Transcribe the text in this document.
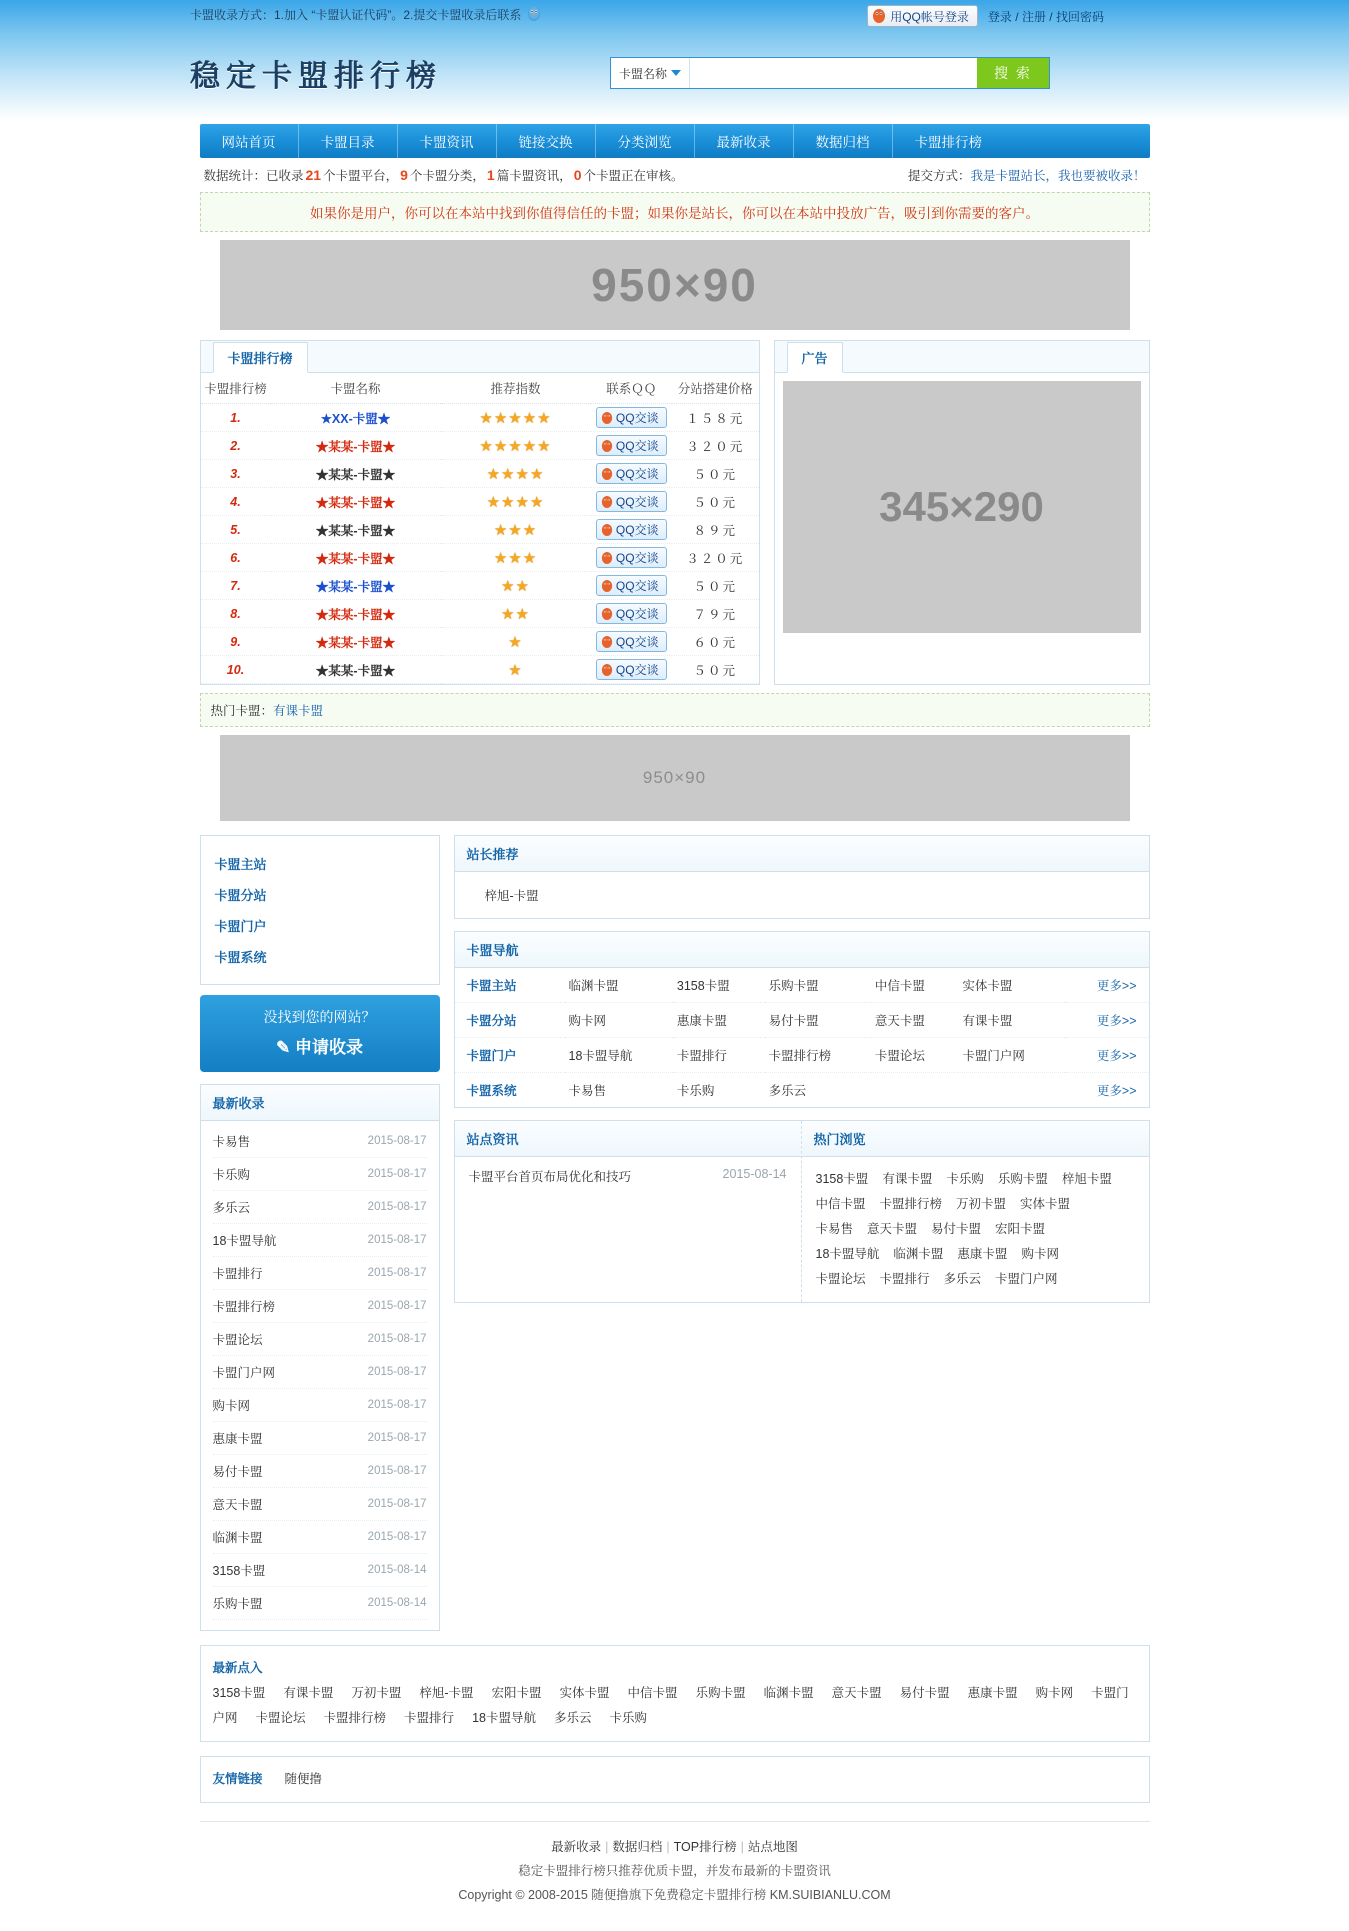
卡盟收录方式：1.加入 “卡盟认证代码”。2.提交卡盟收录后联系	用QQ帐号登录 登录 / 注册 / 找回密码
稳定卡盟排行榜	卡盟名称	搜 索
网站首页	卡盟目录	卡盟资讯	链接交换	分类浏览	最新收录	数据归档	卡盟排行榜
数据统计：已收录 21 个卡盟平台， 9 个卡盟分类， 1 篇卡盟资讯， 0 个卡盟正在审核。	提交方式：我是卡盟站长，我也要被收录！
如果你是用户，你可以在本站中找到你值得信任的卡盟；如果你是站长，你可以在本站中投放广告，吸引到你需要的客户。
950×90
卡盟排行榜
卡盟排行榜	卡盟名称	推荐指数	联系ＱＱ	分站搭建价格
1.	★XX-卡盟★	★★★★★	QQ交谈	１５８元
2.	★某某-卡盟★	★★★★★	QQ交谈	３２０元
3.	★某某-卡盟★	★★★★	QQ交谈	５０元
4.	★某某-卡盟★	★★★★	QQ交谈	５０元
5.	★某某-卡盟★	★★★	QQ交谈	８９元
6.	★某某-卡盟★	★★★	QQ交谈	３２０元
7.	★某某-卡盟★	★★	QQ交谈	５０元
8.	★某某-卡盟★	★★	QQ交谈	７９元
9.	★某某-卡盟★	★	QQ交谈	６０元
10.	★某某-卡盟★	★	QQ交谈	５０元
广告
345×290
热门卡盟：有课卡盟
950×90
卡盟主站
卡盟分站
卡盟门户
卡盟系统
没找到您的网站？
✎ 申请收录
最新收录
卡易售	2015-08-17
卡乐购	2015-08-17
多乐云	2015-08-17
18卡盟导航	2015-08-17
卡盟排行	2015-08-17
卡盟排行榜	2015-08-17
卡盟论坛	2015-08-17
卡盟门户网	2015-08-17
购卡网	2015-08-17
惠康卡盟	2015-08-17
易付卡盟	2015-08-17
意天卡盟	2015-08-17
临渊卡盟	2015-08-17
3158卡盟	2015-08-14
乐购卡盟	2015-08-14
站长推荐
梓旭-卡盟
卡盟导航
卡盟主站	临渊卡盟	3158卡盟	乐购卡盟	中信卡盟	实体卡盟	更多>>
卡盟分站	购卡网	惠康卡盟	易付卡盟	意天卡盟	有课卡盟	更多>>
卡盟门户	18卡盟导航	卡盟排行	卡盟排行榜	卡盟论坛	卡盟门户网	更多>>
卡盟系统	卡易售	卡乐购	多乐云			更多>>
站点资讯
卡盟平台首页布局优化和技巧	2015-08-14
热门浏览
3158卡盟 有课卡盟 卡乐购 乐购卡盟 梓旭卡盟中信卡盟 卡盟排行榜 万初卡盟 实体卡盟卡易售 意天卡盟 易付卡盟 宏阳卡盟18卡盟导航 临渊卡盟 惠康卡盟 购卡网卡盟论坛 卡盟排行 多乐云 卡盟门户网
最新点入
3158卡盟 有课卡盟 万初卡盟 梓旭-卡盟 宏阳卡盟 实体卡盟 中信卡盟 乐购卡盟 临渊卡盟 意天卡盟 易付卡盟 惠康卡盟 购卡网 卡盟门户网 卡盟论坛 卡盟排行榜 卡盟排行 18卡盟导航 多乐云 卡乐购
友情链接	随便撸
最新收录 | 数据归档 | TOP排行榜 | 站点地图
稳定卡盟排行榜只推荐优质卡盟，并发布最新的卡盟资讯
Copyright © 2008-2015 随便撸旗下免费稳定卡盟排行榜 KM.SUIBIANLU.COM
